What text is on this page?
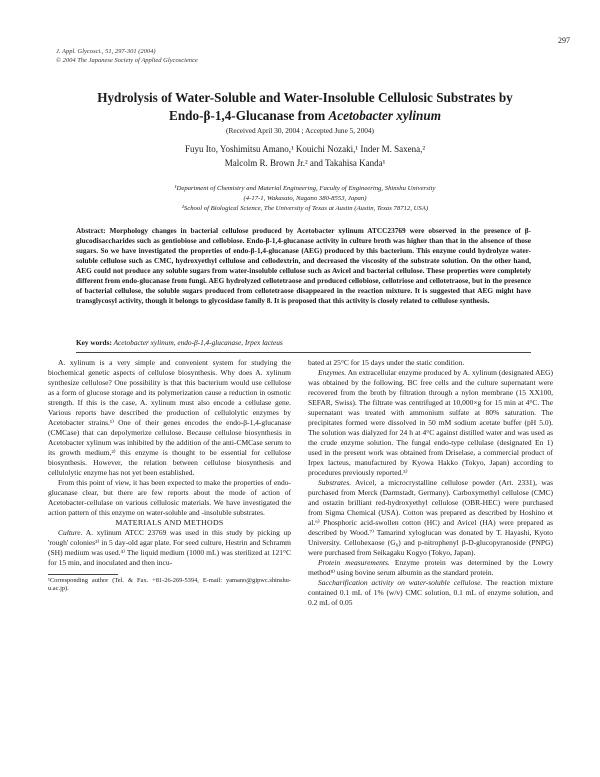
297
J. Appl. Glycosci., 51, 297-301 (2004)
© 2004 The Japanese Society of Applied Glycoscience
Hydrolysis of Water-Soluble and Water-Insoluble Cellulosic Substrates by
Endo-β-1,4-Glucanase from Acetobacter xylinum
(Received April 30, 2004 ; Accepted June 5, 2004)
Fuyu Ito, Yoshimitsu Amano,¹ Kouichi Nozaki,¹ Inder M. Saxena,²
Malcolm R. Brown Jr.² and Takahisa Kanda¹
¹Department of Chemistry and Material Engineering, Faculty of Engineering, Shinshu University
(4-17-1, Wakasato, Nagano 380-8553, Japan)
²School of Biological Science, The University of Texas at Austin (Austin, Texas 78712, USA)
Abstract: Morphology changes in bacterial cellulose produced by Acetobacter xylinum ATCC23769 were observed in the presence of β-glucodisaccharides such as gentiobiose and cellobiose. Endo-β-1,4-glucanase activity in culture broth was higher than that in the absence of those sugars. So we have investigated the properties of endo-β-1,4-glucanase (AEG) produced by this bacterium. This enzyme could hydrolyze water-soluble cellulose such as CMC, hydroxyethyl cellulose and cellodextrin, and decreased the viscosity of the substrate solution. On the other hand, AEG could not produce any soluble sugars from water-insoluble cellulose such as Avicel and bacterial cellulose. These properties were completely different from endo-glucanase from fungi. AEG hydrolyzed cellotetraose and produced cellobiose, cellotriose and cellotetraose, but in the presence of bacterial cellulose, the soluble sugars produced from cellotetraose disappeared in the reaction mixture. It is suggested that AEG might have transglycosyl activity, though it belongs to glycosidase family 8. It is proposed that this activity is closely related to cellulose synthesis.
Key words: Acetobacter xylinum, endo-β-1,4-glucanase, Irpex lacteus

A. xylinum is a very simple and convenient system for studying the biochemical genetic aspects of cellulose biosynthesis. Why does A. xylinum synthesize cellulose? One possibility is that this bacterium would use cellulose as a form of glucose storage and its polymerization cause a reduction in osmotic strength. If this is the case, A. xylinum must also encode a cellulase gene. Various reports have described the production of cellulolytic enzymes by Acetobacter strains.¹⁾ One of their genes encodes the endo-β-1,4-glucanase (CMCase) that can depolymerize cellulose. Because cellulose biosynthesis in Acetobacter xylinum was inhibited by the addition of the anti-CMCase serum to its growth medium,²⁾ this enzyme is thought to be essential for cellulose biosynthesis. However, the relation between cellulose biosynthesis and cellulolytic enzyme has not yet been established.

From this point of view, it has been expected to make the properties of endo-glucanase clear, but there are few reports about the mode of action of Acetobacter-cellulase on various cellulosic materials. We have investigated the action pattern of this enzyme on water-soluble and -insoluble substrates.

MATERIALS AND METHODS

Culture. A. xylinum ATCC 23769 was used in this study by picking up 'rough' colonies³⁾ in 5 day-old agar plate. For seed culture, Hestrin and Schramm (SH) medium was used.⁴⁾ The liquid medium (1000 mL) was sterilized at 121°C for 15 min, and inoculated and then incu-

¹Corresponding author (Tel. & Fax. +81-26-269-5394, E-mail: yamano@gipwc.shinshu-u.ac.jp).

bated at 25°C for 15 days under the static condition.

Enzymes. An extracellular enzyme produced by A. xylinum (designated AEG) was obtained by the following. BC free cells and the culture supernatant were recovered from the broth by filtration through a nylon membrane (15 XX100, SEFAR, Swiss). The filtrate was centrifuged at 10,000×g for 15 min at 4°C. The supernatant was treated with ammonium sulfate at 80% saturation. The precipitates formed were dissolved in 50 mM sodium acetate buffer (pH 5.0). The solution was dialyzed for 24 h at 4°C against distilled water and was used as the crude enzyme solution. The fungal endo-type cellulase (designated En 1) used in the present work was obtained from Driselase, a commercial product of Irpex lacteus, manufactured by Kyowa Hakko (Tokyo, Japan) according to procedures previously reported.⁵⁾

Substrates. Avicel, a microcrystalline cellulose powder (Art. 2331), was purchased from Merck (Darmstadt, Germany). Carboxymethyl cellulose (CMC) and ostazin brilliant red-hydroxyethyl cellulose (OBR-HEC) were purchased from Sigma Chemical (USA). Cotton was prepared as described by Hoshino et al.⁶⁾ Phosphoric acid-swollen cotton (HC) and Avicel (HA) were prepared as described by Wood.⁷⁾ Tamarind xyloglucan was donated by T. Hayashi, Kyoto University. Cellohexaose (G₆) and p-nitrophenyl β-D-glucopyranoside (PNPG) were purchased from Seikagaku Kogyo (Tokyo, Japan).

Protein measurements. Enzyme protein was determined by the Lowry method⁸⁾ using bovine serum albumin as the standard protein.

Saccharification activity on water-soluble cellulose. The reaction mixture contained 0.1 mL of 1% (w/v) CMC solution, 0.1 mL of enzyme solution, and 0.2 mL of 0.05
